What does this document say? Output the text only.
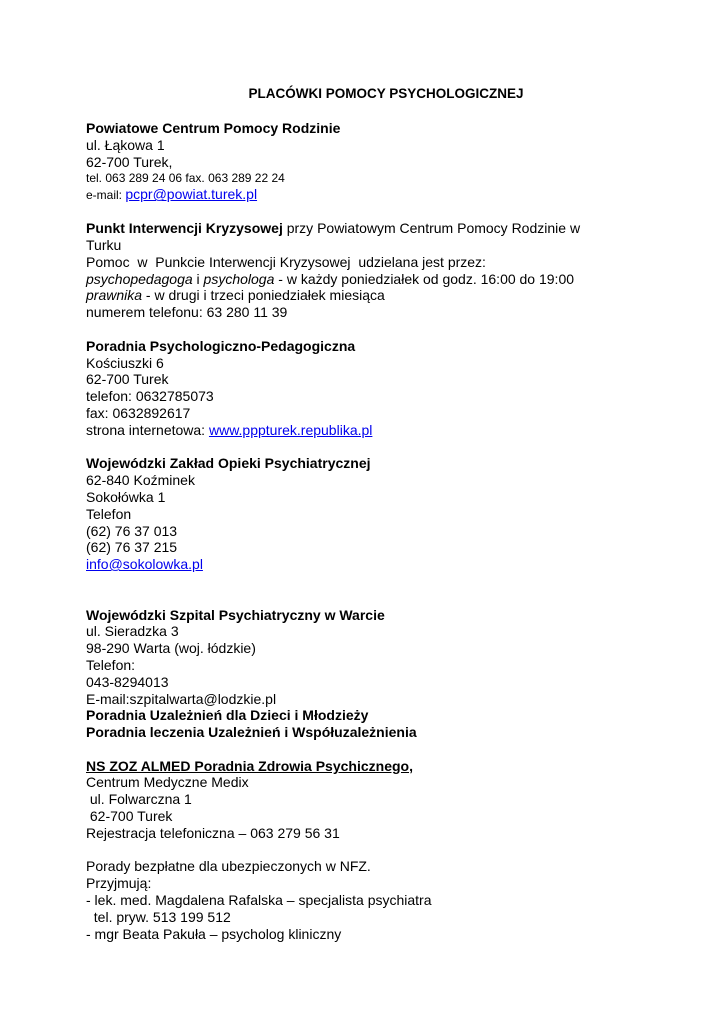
PLACÓWKI POMOCY PSYCHOLOGICZNEJ
Powiatowe Centrum Pomocy Rodzinie
ul. Łąkowa 1
62-700 Turek,
tel. 063 289 24 06 fax. 063 289 22 24
e-mail: pcpr@powiat.turek.pl
Punkt Interwencji Kryzysowej przy Powiatowym Centrum Pomocy Rodzinie w
Turku
Pomoc  w  Punkcie Interwencji Kryzysowej  udzielana jest przez:
psychopedagoga i psychologa - w każdy poniedziałek od godz. 16:00 do 19:00
prawnika - w drugi i trzeci poniedziałek miesiąca
numerem telefonu: 63 280 11 39
Poradnia Psychologiczno-Pedagogiczna
Kościuszki 6
62-700 Turek
telefon: 0632785073
fax: 0632892617
strona internetowa: www.pppturek.republika.pl
Wojewódzki Zakład Opieki Psychiatrycznej
62-840 Koźminek
Sokołówka 1
Telefon
(62) 76 37 013
(62) 76 37 215
info@sokolowka.pl
Wojewódzki Szpital Psychiatryczny w Warcie
ul. Sieradzka 3
98-290 Warta (woj. łódzkie)
Telefon:
043-8294013
E-mail:szpitalwarta@lodzkie.pl
Poradnia Uzależnień dla Dzieci i Młodzieży
Poradnia leczenia Uzależnień i Współuzależnienia
NS ZOZ ALMED Poradnia Zdrowia Psychicznego,
Centrum Medyczne Medix
ul. Folwarczna 1
62-700 Turek
Rejestracja telefoniczna – 063 279 56 31
Porady bezpłatne dla ubezpieczonych w NFZ.
Przyjmują:
- lek. med. Magdalena Rafalska – specjalista psychiatra
tel. pryw. 513 199 512
- mgr Beata Pakuła – psycholog kliniczny
